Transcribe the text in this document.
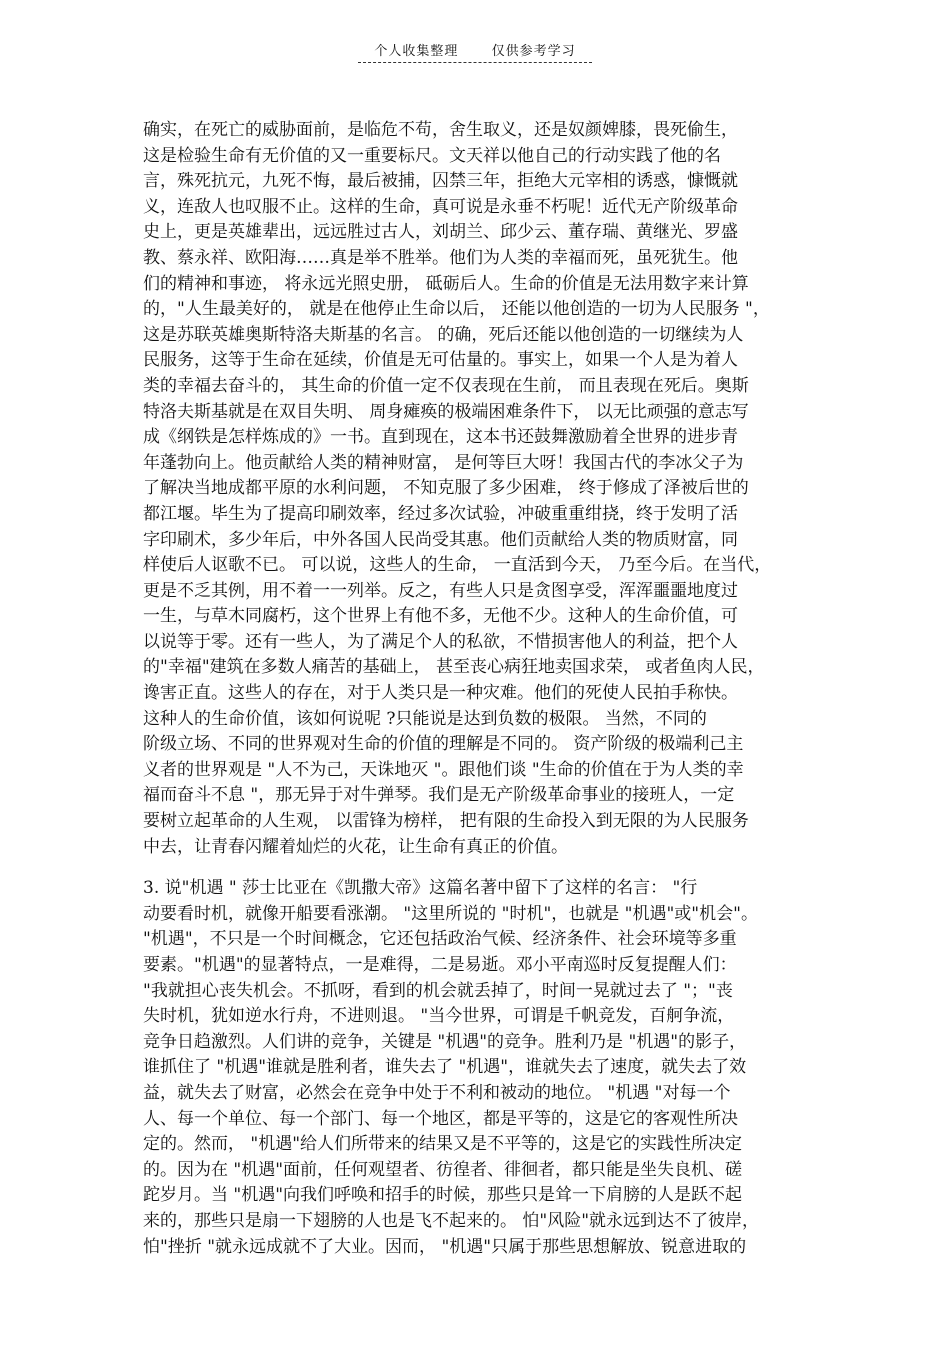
个人收集整理	仅供参考学习
确实，在死亡的威胁面前，是临危不苟，舍生取义，还是奴颜婢膝，畏死偷生，
这是检验生命有无价值的又一重要标尺。文天祥以他自己的行动实践了他的名
言，殊死抗元，九死不悔，最后被捕，囚禁三年，拒绝大元宰相的诱惑，慷慨就
义，连敌人也叹服不止。这样的生命，真可说是永垂不朽呢！近代无产阶级革命
史上，更是英雄辈出，远远胜过古人，刘胡兰、邱少云、董存瑞、黄继光、罗盛
教、蔡永祥、欧阳海……真是举不胜举。他们为人类的幸福而死，虽死犹生。他
们的精神和事迹， 将永远光照史册， 砥砺后人。生命的价值是无法用数字来计算
的，"人生最美好的， 就是在他停止生命以后， 还能以他创造的一切为人民服务 "，
这是苏联英雄奥斯特洛夫斯基的名言。 的确，死后还能以他创造的一切继续为人
民服务，这等于生命在延续，价值是无可估量的。事实上，如果一个人是为着人
类的幸福去奋斗的， 其生命的价值一定不仅表现在生前， 而且表现在死后。奥斯
特洛夫斯基就是在双目失明、 周身瘫痪的极端困难条件下， 以无比顽强的意志写
成《纲铁是怎样炼成的》一书。直到现在，这本书还鼓舞激励着全世界的进步青
年蓬勃向上。他贡献给人类的精神财富， 是何等巨大呀！我国古代的李冰父子为
了解决当地成都平原的水利问题， 不知克服了多少困难， 终于修成了泽被后世的
都江堰。毕生为了提高印刷效率，经过多次试验，冲破重重绀挠，终于发明了活
字印刷术，多少年后，中外各国人民尚受其惠。他们贡献给人类的物质财富，同
样使后人讴歌不已。 可以说，这些人的生命， 一直活到今天， 乃至今后。在当代，
更是不乏其例，用不着一一列举。反之，有些人只是贪图享受，浑浑噩噩地度过
一生，与草木同腐朽，这个世界上有他不多，无他不少。这种人的生命价值，可
以说等于零。还有一些人，为了满足个人的私欲，不惜损害他人的利益，把个人
的"幸福"建筑在多数人痛苦的基础上， 甚至丧心病狂地卖国求荣， 或者鱼肉人民，
谗害正直。这些人的存在，对于人类只是一种灾难。他们的死使人民拍手称快。
这种人的生命价值，该如何说呢 ?只能说是达到负数的极限。 当然，不同的
阶级立场、不同的世界观对生命的价值的理解是不同的。 资产阶级的极端利己主
义者的世界观是 "人不为己，天诛地灭 "。跟他们谈 "生命的价值在于为人类的幸
福而奋斗不息 "，那无异于对牛弹琴。我们是无产阶级革命事业的接班人，一定
要树立起革命的人生观， 以雷锋为榜样， 把有限的生命投入到无限的为人民服务
中去，让青春闪耀着灿烂的火花，让生命有真正的价值。
3. 说"机遇 " 莎士比亚在《凯撒大帝》这篇名著中留下了这样的名言： "行
动要看时机，就像开船要看涨潮。 "这里所说的 "时机"，也就是 "机遇"或"机会"。
"机遇"，不只是一个时间概念，它还包括政治气候、经济条件、社会环境等多重
要素。"机遇"的显著特点，一是难得，二是易逝。邓小平南巡时反复提醒人们：
"我就担心丧失机会。不抓呀，看到的机会就丢掉了，时间一晃就过去了 "；"丧
失时机，犹如逆水行舟，不进则退。 "当今世界，可谓是千帆竞发，百舸争流，
竞争日趋激烈。人们讲的竞争，关键是 "机遇"的竞争。胜利乃是 "机遇"的影子，
谁抓住了 "机遇"谁就是胜利者，谁失去了 "机遇"，谁就失去了速度，就失去了效
益，就失去了财富，必然会在竞争中处于不利和被动的地位。 "机遇 "对每一个
人、每一个单位、每一个部门、每一个地区，都是平等的，这是它的客观性所决
定的。然而， "机遇"给人们所带来的结果又是不平等的，这是它的实践性所决定
的。因为在 "机遇"面前，任何观望者、彷徨者、徘徊者，都只能是坐失良机、磋
跎岁月。当 "机遇"向我们呼唤和招手的时候，那些只是耸一下肩膀的人是跃不起
来的，那些只是扇一下翅膀的人也是飞不起来的。 怕"风险"就永远到达不了彼岸，
怕"挫折 "就永远成就不了大业。因而， "机遇"只属于那些思想解放、锐意进取的
